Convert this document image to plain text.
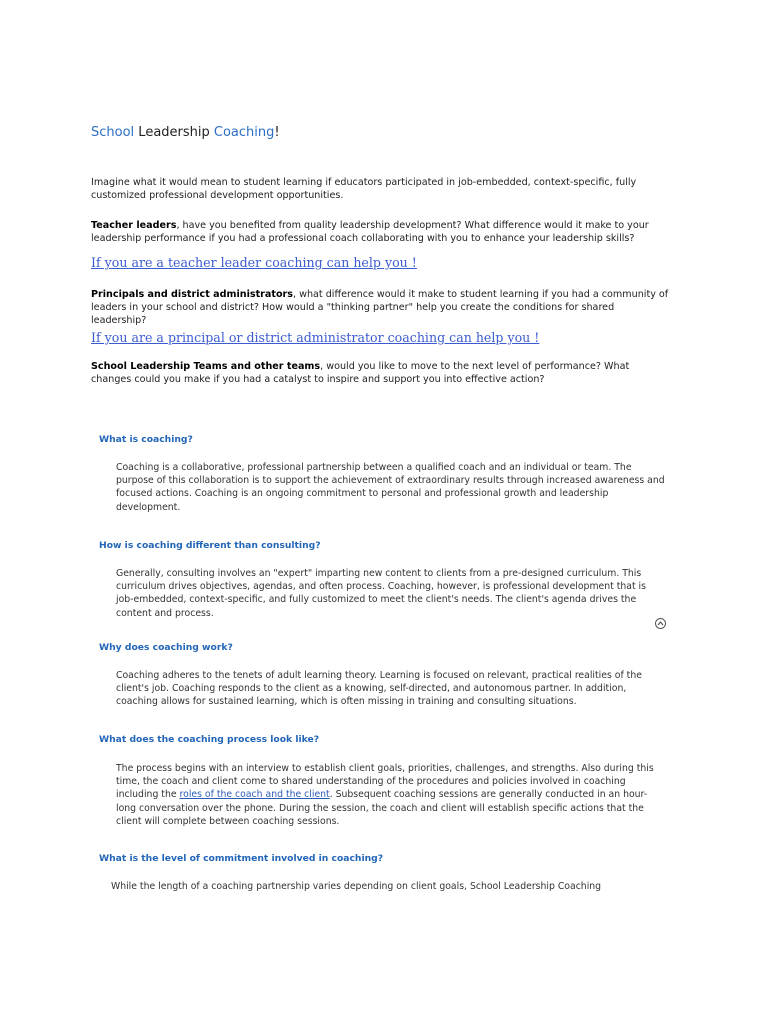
School Leadership Coaching!

Imagine what it would mean to student learning if educators participated in job-embedded, context-specific, fully customized professional development opportunities.

Teacher leaders, have you benefited from quality leadership development? What difference would it make to your leadership performance if you had a professional coach collaborating with you to enhance your leadership skills?

If you are a teacher leader coaching can help you !

Principals and district administrators, what difference would it make to student learning if you had a community of leaders in your school and district? How would a "thinking partner" help you create the conditions for shared leadership?

If you are a principal or district administrator coaching can help you !

School Leadership Teams and other teams, would you like to move to the next level of performance? What changes could you make if you had a catalyst to inspire and support you into effective action?

What is coaching?

Coaching is a collaborative, professional partnership between a qualified coach and an individual or team. The purpose of this collaboration is to support the achievement of extraordinary results through increased awareness and focused actions. Coaching is an ongoing commitment to personal and professional growth and leadership development.

How is coaching different than consulting?

Generally, consulting involves an "expert" imparting new content to clients from a pre-designed curriculum. This curriculum drives objectives, agendas, and often process. Coaching, however, is professional development that is job-embedded, context-specific, and fully customized to meet the client's needs. The client's agenda drives the content and process.

Why does coaching work?

Coaching adheres to the tenets of adult learning theory. Learning is focused on relevant, practical realities of the client's job. Coaching responds to the client as a knowing, self-directed, and autonomous partner. In addition, coaching allows for sustained learning, which is often missing in training and consulting situations.

What does the coaching process look like?

The process begins with an interview to establish client goals, priorities, challenges, and strengths. Also during this time, the coach and client come to shared understanding of the procedures and policies involved in coaching including the roles of the coach and the client. Subsequent coaching sessions are generally conducted in an hour-long conversation over the phone. During the session, the coach and client will establish specific actions that the client will complete between coaching sessions.

What is the level of commitment involved in coaching?

While the length of a coaching partnership varies depending on client goals, School Leadership Coaching
